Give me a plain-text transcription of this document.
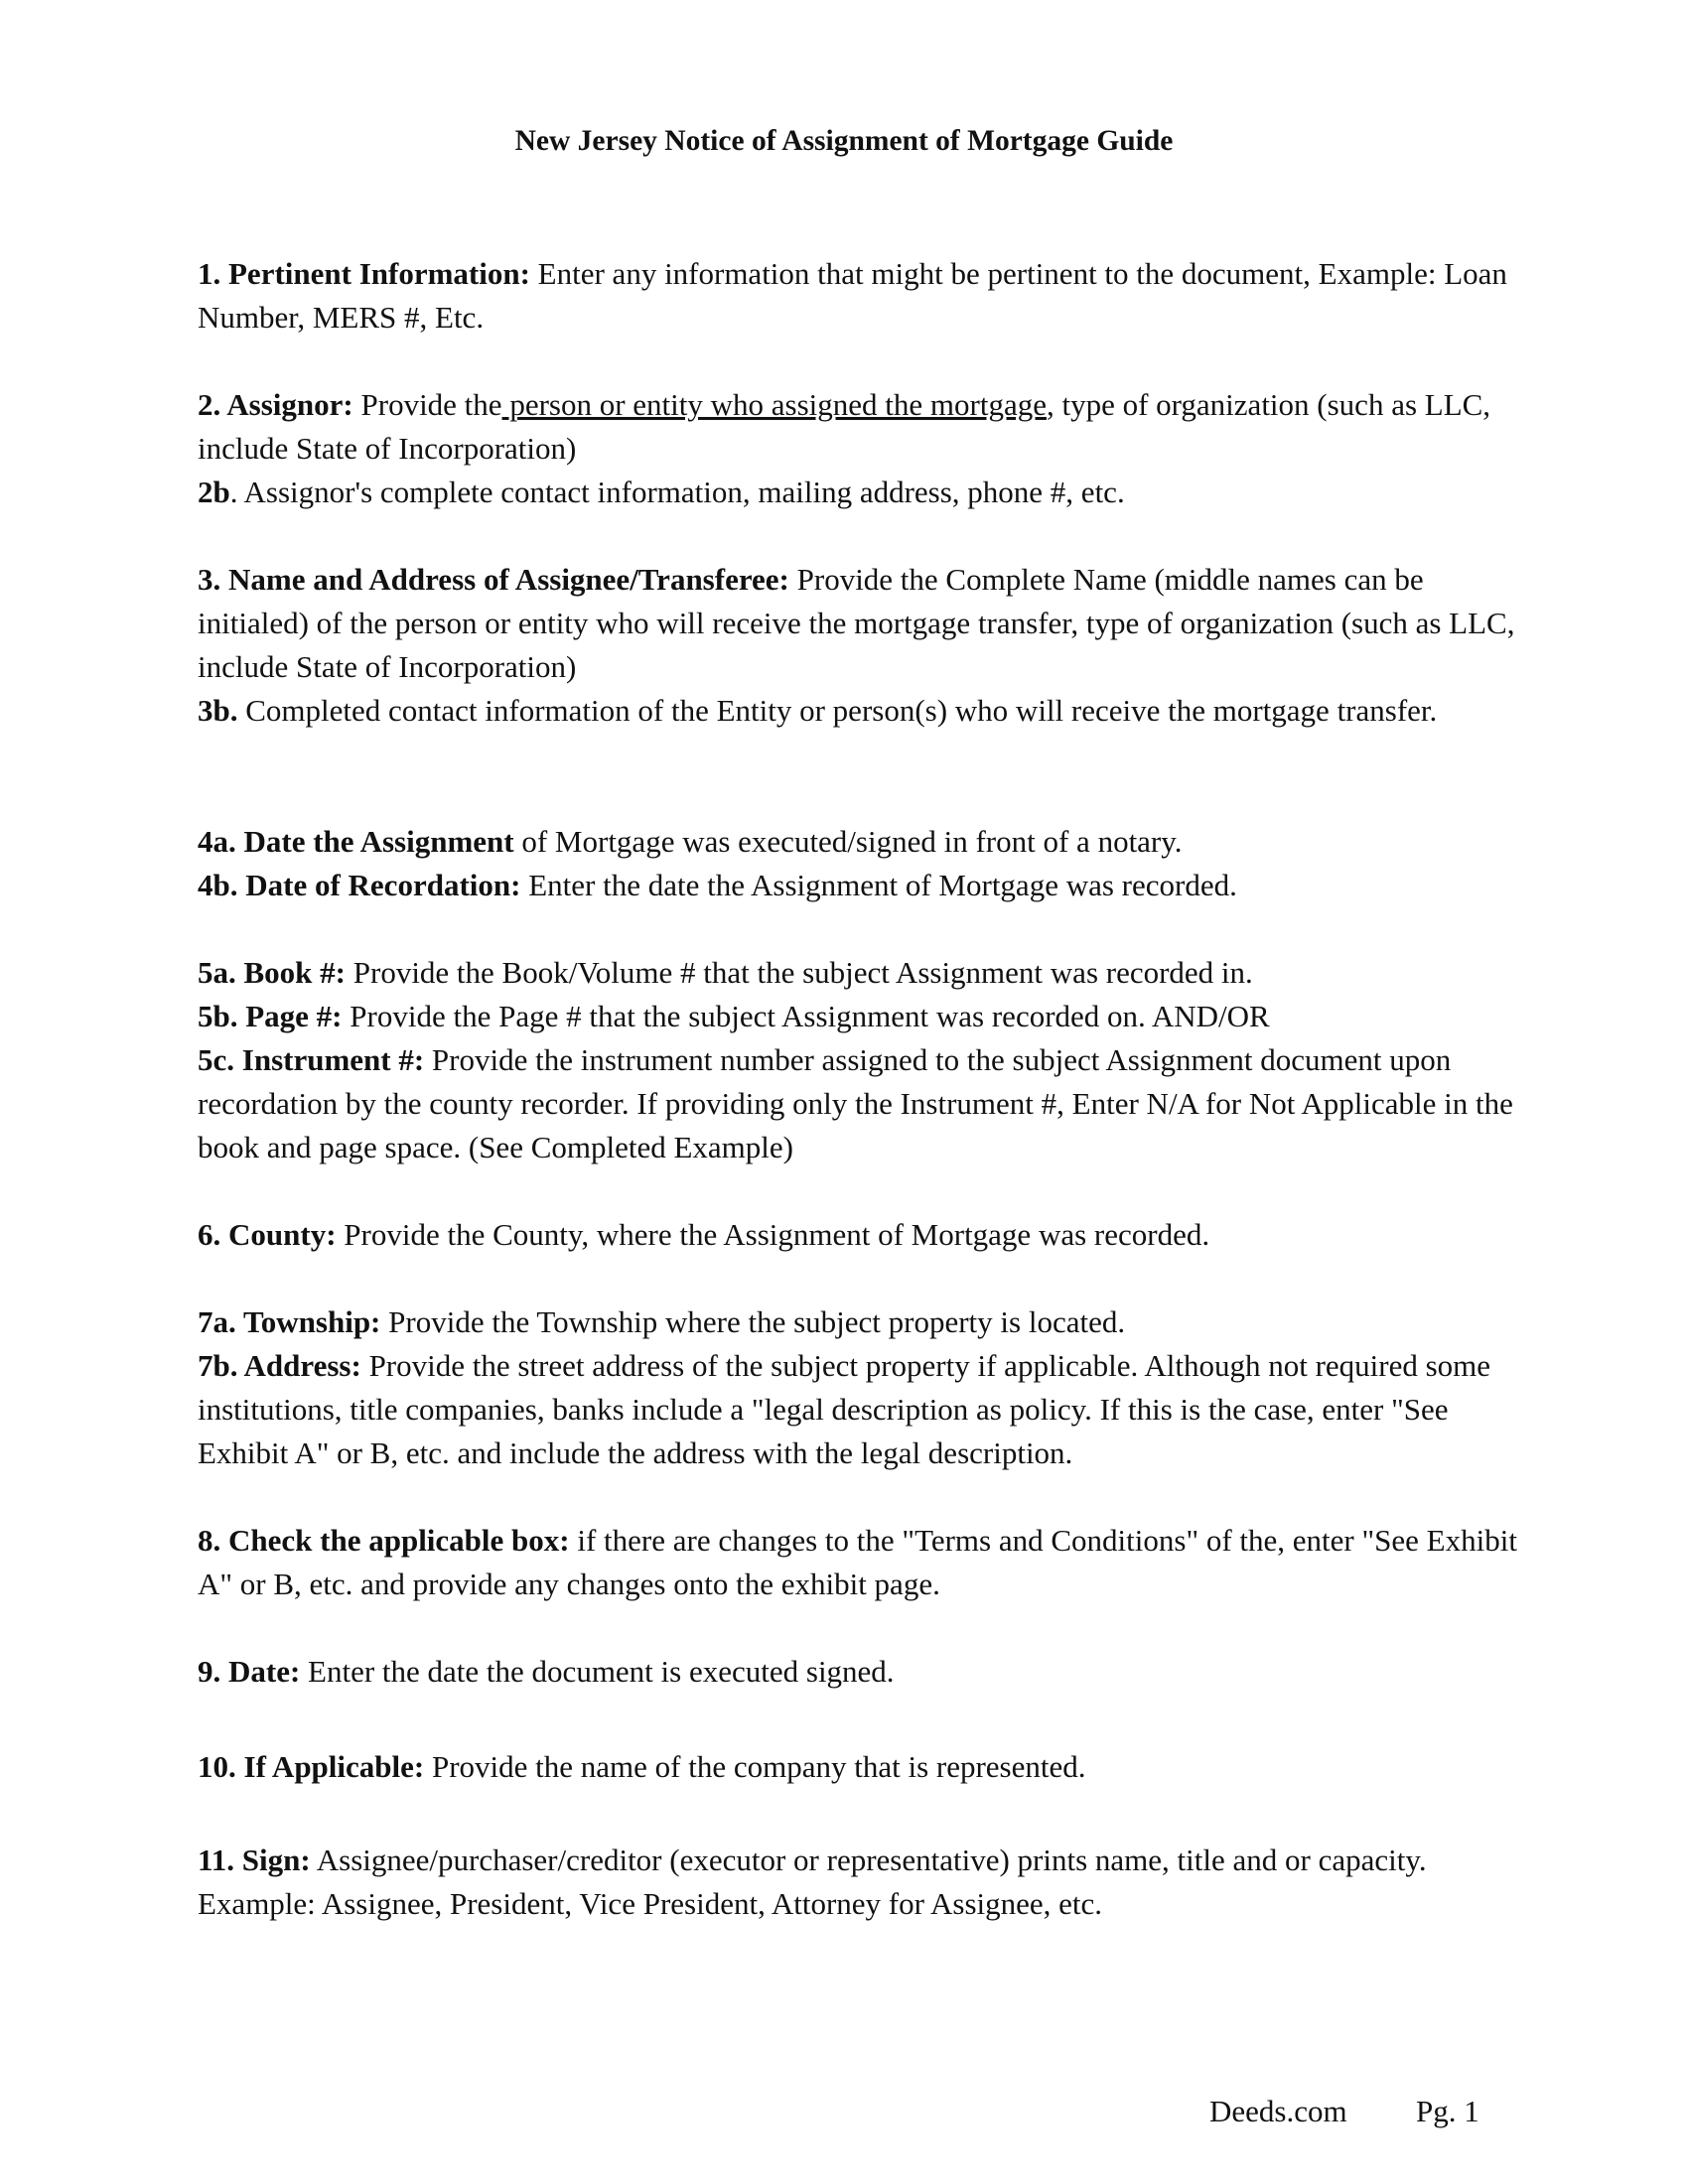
New Jersey Notice of Assignment of Mortgage Guide

1. Pertinent Information: Enter any information that might be pertinent to the document, Example: Loan Number, MERS #, Etc.

2. Assignor: Provide the person or entity who assigned the mortgage, type of organization (such as LLC, include State of Incorporation)

2b. Assignor's complete contact information, mailing address, phone #, etc.

3. Name and Address of Assignee/Transferee: Provide the Complete Name (middle names can be initialed) of the person or entity who will receive the mortgage transfer, type of organization (such as LLC, include State of Incorporation)

3b. Completed contact information of the Entity or person(s) who will receive the mortgage transfer.

4a. Date the Assignment of Mortgage was executed/signed in front of a notary.

4b. Date of Recordation: Enter the date the Assignment of Mortgage was recorded.

5a. Book #: Provide the Book/Volume # that the subject Assignment was recorded in.

5b. Page #: Provide the Page # that the subject Assignment was recorded on. AND/OR

5c. Instrument #: Provide the instrument number assigned to the subject Assignment document upon recordation by the county recorder. If providing only the Instrument #, Enter N/A for Not Applicable in the book and page space. (See Completed Example)

6. County: Provide the County, where the Assignment of Mortgage was recorded.

7a. Township: Provide the Township where the subject property is located.

7b. Address: Provide the street address of the subject property if applicable. Although not required some institutions, title companies, banks include a "legal description as policy. If this is the case, enter "See Exhibit A" or B, etc. and include the address with the legal description.

8. Check the applicable box: if there are changes to the "Terms and Conditions" of the, enter "See Exhibit A" or B, etc. and provide any changes onto the exhibit page.

9. Date: Enter the date the document is executed signed.

10. If Applicable: Provide the name of the company that is represented.

11. Sign: Assignee/purchaser/creditor (executor or representative) prints name, title and or capacity. Example: Assignee, President, Vice President, Attorney for Assignee, etc.

Deeds.com Pg. 1
